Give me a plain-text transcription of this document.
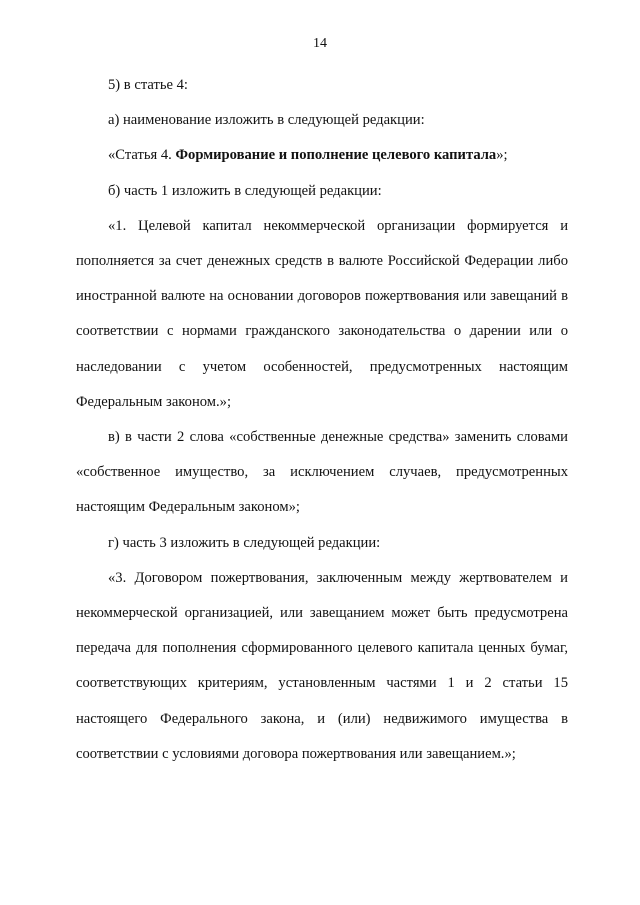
14

5) в статье 4:

а) наименование изложить в следующей редакции:

«Статья 4. Формирование и пополнение целевого капитала»;

б) часть 1 изложить в следующей редакции:

«1. Целевой капитал некоммерческой организации формируется и пополняется за счет денежных средств в валюте Российской Федерации либо иностранной валюте на основании договоров пожертвования или завещаний в соответствии с нормами гражданского законодательства о дарении или о наследовании с учетом особенностей, предусмотренных настоящим Федеральным законом.»;

в) в части 2 слова «собственные денежные средства» заменить словами «собственное имущество, за исключением случаев, предусмотренных настоящим Федеральным законом»;

г) часть 3 изложить в следующей редакции:

«3. Договором пожертвования, заключенным между жертвователем и некоммерческой организацией, или завещанием может быть предусмотрена передача для пополнения сформированного целевого капитала ценных бумаг, соответствующих критериям, установленным частями 1 и 2 статьи 15 настоящего Федерального закона, и (или) недвижимого имущества в соответствии с условиями договора пожертвования или завещанием.»;
